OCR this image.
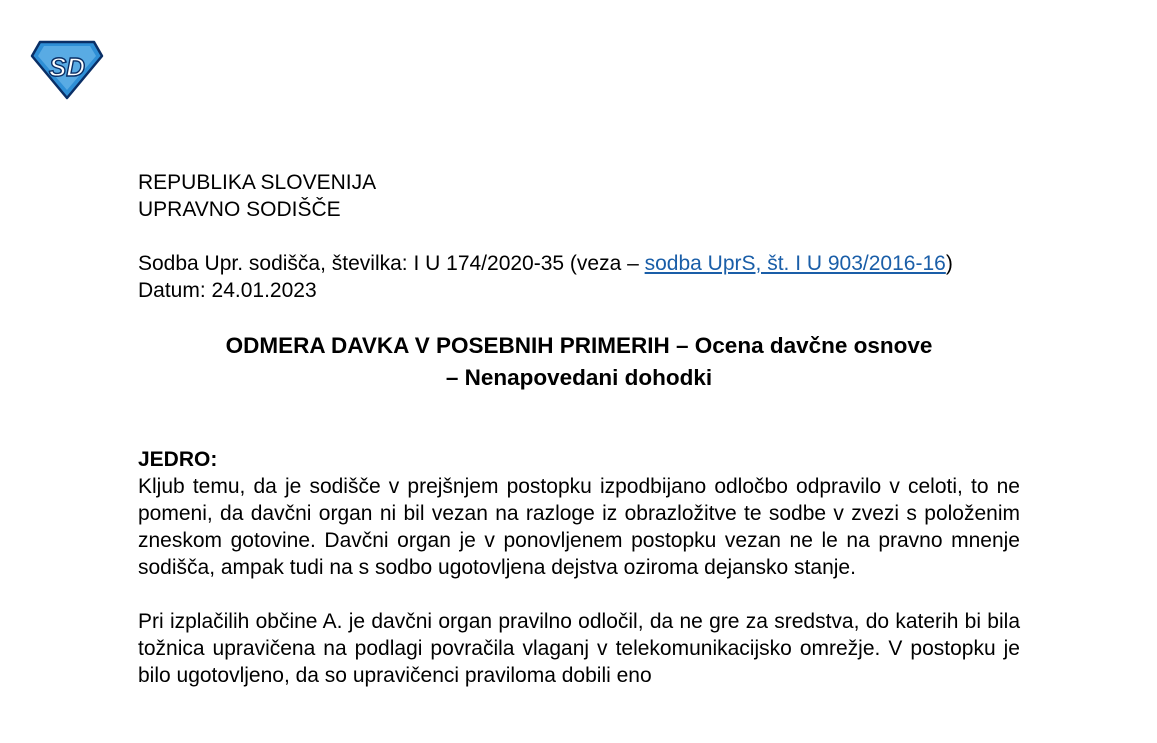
SD
REPUBLIKA SLOVENIJA
UPRAVNO SODIŠČE
Sodba Upr. sodišča, številka: I U 174/2020-35 (veza – sodba UprS, št. I U 903/2016-16)
Datum: 24.01.2023
ODMERA DAVKA V POSEBNIH PRIMERIH – Ocena davčne osnove
– Nenapovedani dohodki
JEDRO:

Kljub temu, da je sodišče v prejšnjem postopku izpodbijano odločbo odpravilo v celoti, to ne pomeni, da davčni organ ni bil vezan na razloge iz obrazložitve te sodbe v zvezi s položenim zneskom gotovine. Davčni organ je v ponovljenem postopku vezan ne le na pravno mnenje sodišča, ampak tudi na s sodbo ugotovljena dejstva oziroma dejansko stanje.

Pri izplačilih občine A. je davčni organ pravilno odločil, da ne gre za sredstva, do katerih bi bila tožnica upravičena na podlagi povračila vlaganj v telekomunikacijsko omrežje. V postopku je bilo ugotovljeno, da so upravičenci praviloma dobili eno
